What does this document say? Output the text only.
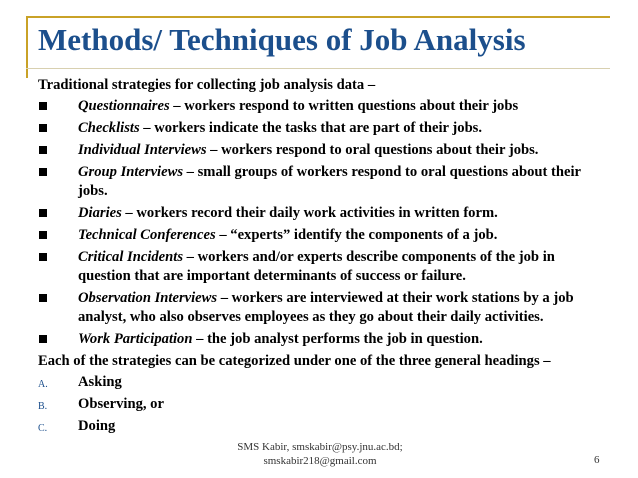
Methods/ Techniques of Job Analysis
Traditional strategies for collecting job analysis data –
Questionnaires – workers respond to written questions about their jobs
Checklists – workers indicate the tasks that are part of their jobs.
Individual Interviews – workers respond to oral questions about their jobs.
Group Interviews – small groups of workers respond to oral questions about their jobs.
Diaries – workers record their daily work activities in written form.
Technical Conferences – “experts” identify the components of a job.
Critical Incidents – workers and/or experts describe components of the job in question that are important determinants of success or failure.
Observation Interviews – workers are interviewed at their work stations by a job analyst, who also observes employees as they go about their daily activities.
Work Participation – the job analyst performs the job in question.
Each of the strategies can be categorized under one of the three general headings –
A. Asking
B. Observing, or
C. Doing
SMS Kabir, smskabir@psy.jnu.ac.bd;
smskabir218@gmail.com	6
